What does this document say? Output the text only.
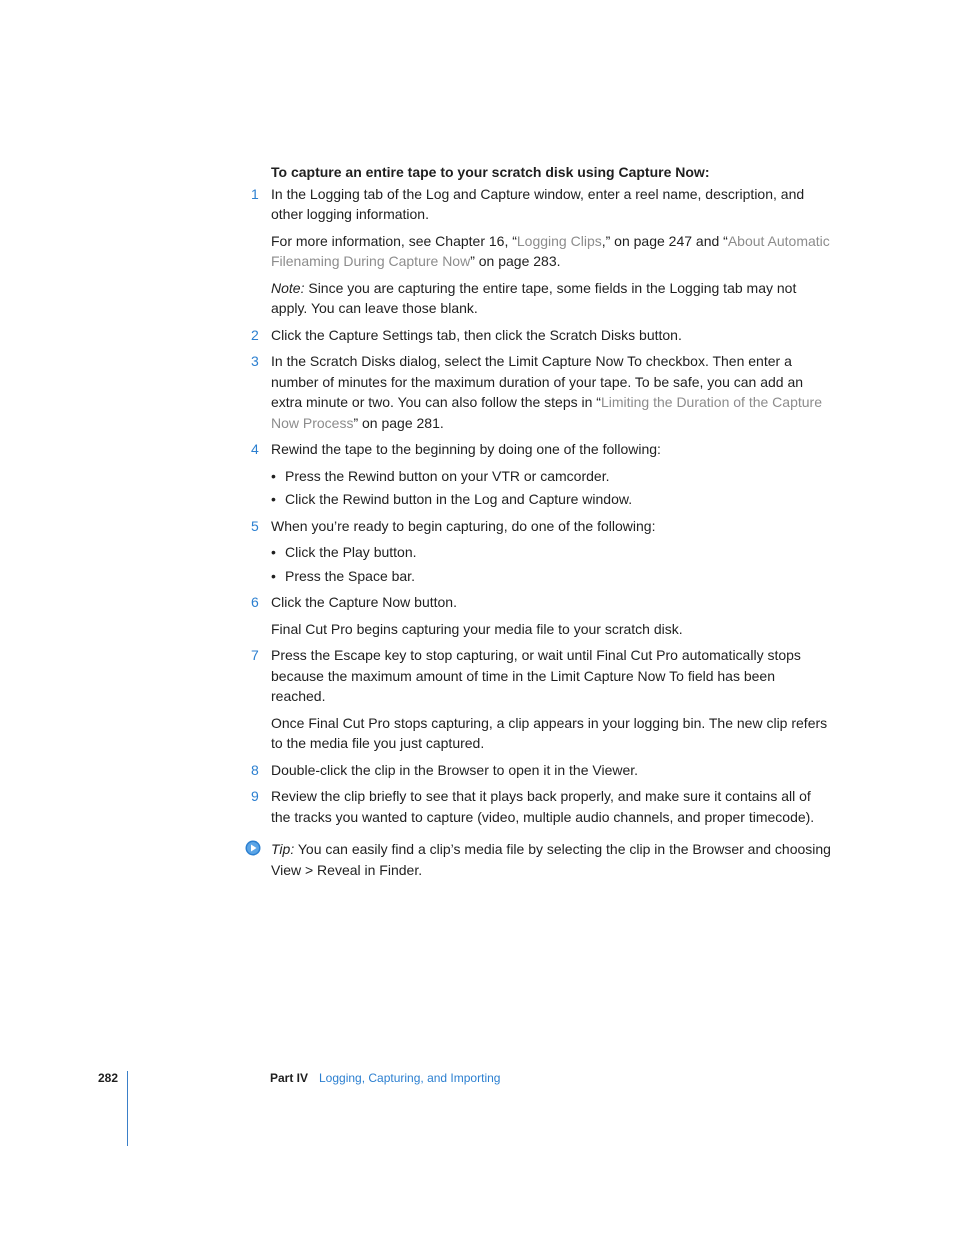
To capture an entire tape to your scratch disk using Capture Now:
1 In the Logging tab of the Log and Capture window, enter a reel name, description, and other logging information.
For more information, see Chapter 16, “Logging Clips,” on page 247 and “About Automatic Filenaming During Capture Now” on page 283.
Note: Since you are capturing the entire tape, some fields in the Logging tab may not apply. You can leave those blank.
2 Click the Capture Settings tab, then click the Scratch Disks button.
3 In the Scratch Disks dialog, select the Limit Capture Now To checkbox. Then enter a number of minutes for the maximum duration of your tape. To be safe, you can add an extra minute or two. You can also follow the steps in “Limiting the Duration of the Capture Now Process” on page 281.
4 Rewind the tape to the beginning by doing one of the following:
• Press the Rewind button on your VTR or camcorder.
• Click the Rewind button in the Log and Capture window.
5 When you’re ready to begin capturing, do one of the following:
• Click the Play button.
• Press the Space bar.
6 Click the Capture Now button.
Final Cut Pro begins capturing your media file to your scratch disk.
7 Press the Escape key to stop capturing, or wait until Final Cut Pro automatically stops because the maximum amount of time in the Limit Capture Now To field has been reached.
Once Final Cut Pro stops capturing, a clip appears in your logging bin. The new clip refers to the media file you just captured.
8 Double-click the clip in the Browser to open it in the Viewer.
9 Review the clip briefly to see that it plays back properly, and make sure it contains all of the tracks you wanted to capture (video, multiple audio channels, and proper timecode).
Tip: You can easily find a clip’s media file by selecting the clip in the Browser and choosing View > Reveal in Finder.
282	Part IV Logging, Capturing, and Importing
